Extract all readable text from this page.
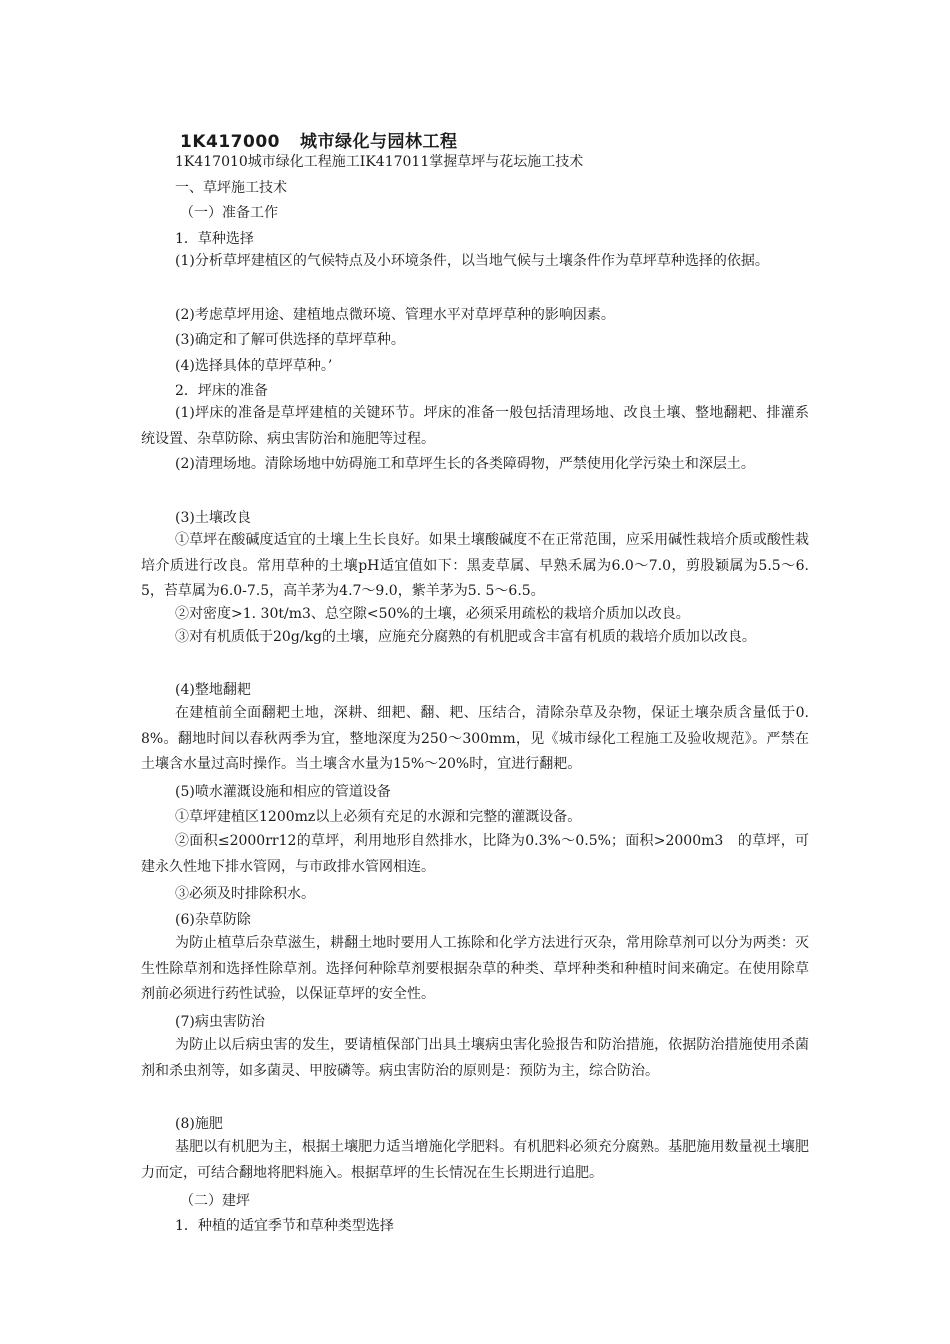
1K417000 城市绿化与园林工程
1K417010城市绿化工程施工IK417011掌握草坪与花坛施工技术
一、草坪施工技术
（一）准备工作
1．草种选择
(1)分析草坪建植区的气候特点及小环境条件，以当地气候与土壤条件作为草坪草种选择的依据。
(2)考虑草坪用途、建植地点微环境、管理水平对草坪草种的影响因素。
(3)确定和了解可供选择的草坪草种。
(4)选择具体的草坪草种。’
2．坪床的准备
(1)坪床的准备是草坪建植的关键环节。坪床的准备一般包括清理场地、改良土壤、整地翻耙、排灌系统设置、杂草防除、病虫害防治和施肥等过程。
(2)清理场地。清除场地中妨碍施工和草坪生长的各类障碍物，严禁使用化学污染土和深层土。
(3)土壤改良
①草坪在酸碱度适宜的土壤上生长良好。如果土壤酸碱度不在正常范围，应采用碱性栽培介质或酸性栽培介质进行改良。常用草种的土壤pH适宜值如下：黑麦草属、早熟禾属为6.0～7.0，剪股颖属为5.5～6.5，苔草属为6.0-7.5，高羊茅为4.7～9.0，紫羊茅为5. 5～6.5。
②对密度>1. 30t/m3、总空隙<50%的土壤，必须采用疏松的栽培介质加以改良。
③对有机质低于20g/kg的土壤，应施充分腐熟的有机肥或含丰富有机质的栽培介质加以改良。
(4)整地翻耙
在建植前全面翻耙土地，深耕、细耙、翻、耙、压结合，清除杂草及杂物，保证土壤杂质含量低于0. 8%。翻地时间以春秋两季为宜，整地深度为250～300mm，见《城市绿化工程施工及验收规范》。严禁在土壤含水量过高时操作。当土壤含水量为15%～20%时，宜进行翻耙。
(5)喷水灌溉设施和相应的管道设备
①草坪建植区1200mz以上必须有充足的水源和完整的灌溉设备。
②面积≤2000rr12的草坪，利用地形自然排水，比降为0.3%～0.5%；面积>2000m3　的草坪，可建永久性地下排水管网，与市政排水管网相连。
③必须及时排除积水。
(6)杂草防除
为防止植草后杂草滋生，耕翻土地时要用人工拣除和化学方法进行灭杂，常用除草剂可以分为两类：灭生性除草剂和选择性除草剂。选择何种除草剂要根据杂草的种类、草坪种类和种植时间来确定。在使用除草剂前必须进行药性试验，以保证草坪的安全性。
(7)病虫害防治
为防止以后病虫害的发生，要请植保部门出具土壤病虫害化验报告和防治措施，依据防治措施使用杀菌剂和杀虫剂等，如多菌灵、甲胺磷等。病虫害防治的原则是：预防为主，综合防治。
(8)施肥
基肥以有机肥为主，根据土壤肥力适当增施化学肥料。有机肥料必须充分腐熟。基肥施用数量视土壤肥力而定，可结合翻地将肥料施入。根据草坪的生长情况在生长期进行追肥。
（二）建坪
1．种植的适宜季节和草种类型选择
